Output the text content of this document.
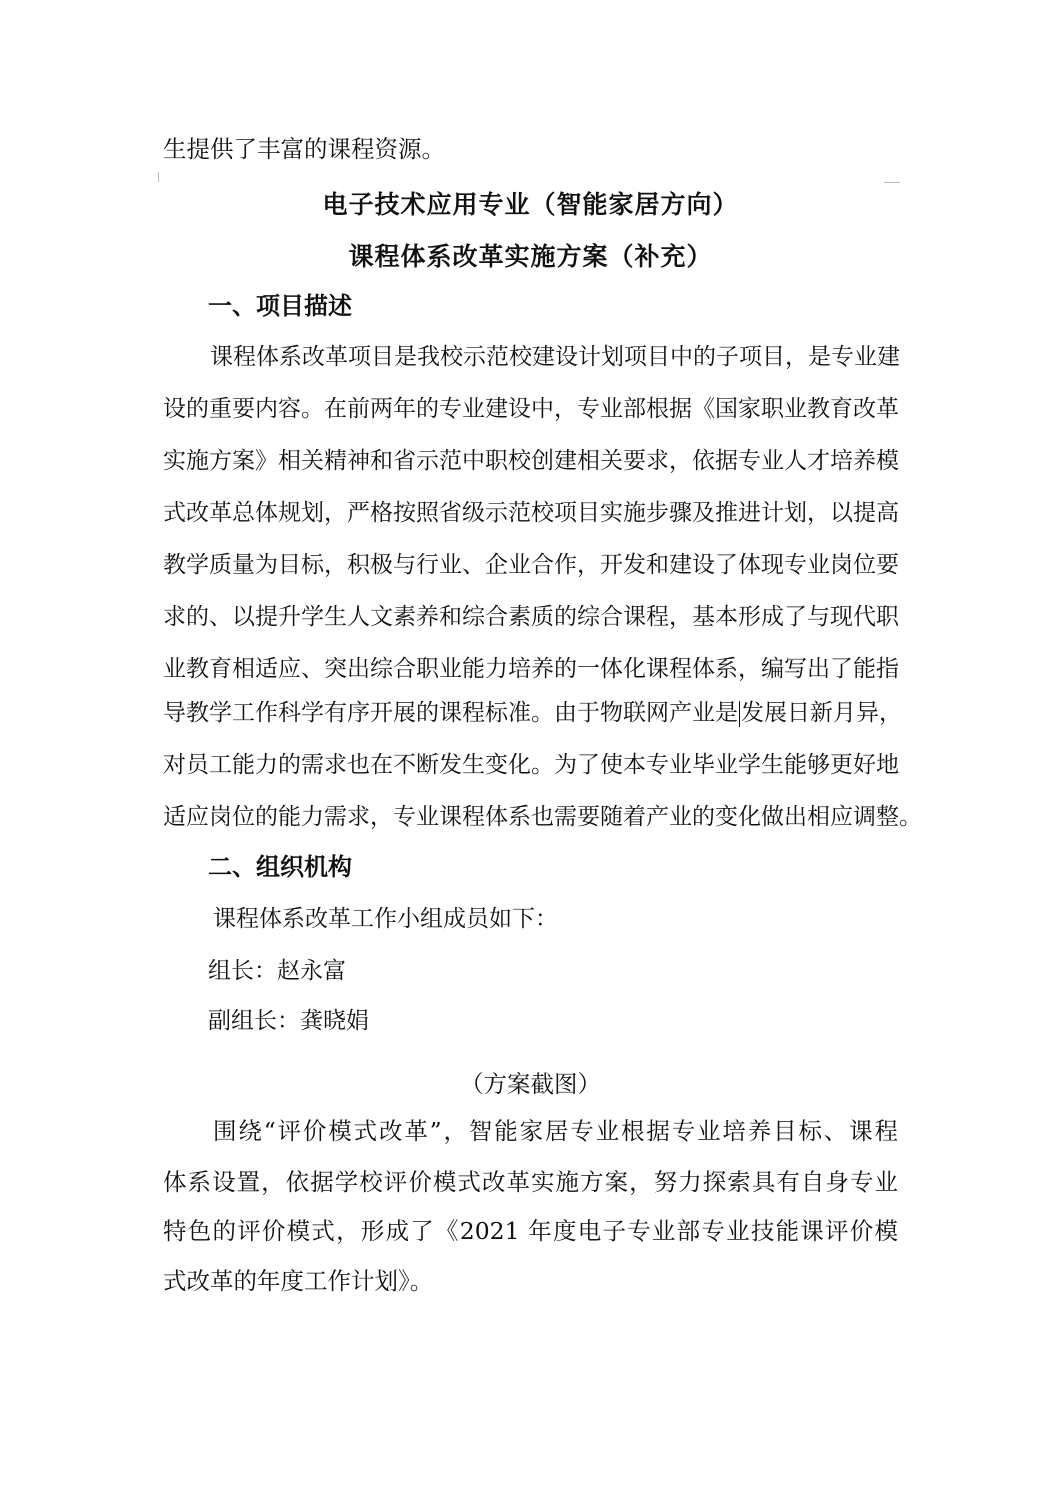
生提供了丰富的课程资源。
电子技术应用专业（智能家居方向）
课程体系改革实施方案（补充）
一、项目描述
课程体系改革项目是我校示范校建设计划项目中的子项目，是专业建
设的重要内容。在前两年的专业建设中，专业部根据《国家职业教育改革
实施方案》相关精神和省示范中职校创建相关要求，依据专业人才培养模
式改革总体规划，严格按照省级示范校项目实施步骤及推进计划，以提高
教学质量为目标，积极与行业、企业合作，开发和建设了体现专业岗位要
求的、以提升学生人文素养和综合素质的综合课程，基本形成了与现代职
业教育相适应、突出综合职业能力培养的一体化课程体系，编写出了能指
导教学工作科学有序开展的课程标准。由于物联网产业是 发展日新月异，
对员工能力的需求也在不断发生变化。为了使本专业毕业学生能够更好地
适应岗位的能力需求，专业课程体系也需要随着产业的变化做出相应调整。
二、组织机构
课程体系改革工作小组成员如下：
组长：赵永富
副组长：龚晓娟
（方案截图）
围绕“评价模式改革”，智能家居专业根据专业培养目标、课程
体系设置，依据学校评价模式改革实施方案，努力探索具有自身专业
特色的评价模式，形成了《2021 年度电子专业部专业技能课评价模
式改革的年度工作计划》。
